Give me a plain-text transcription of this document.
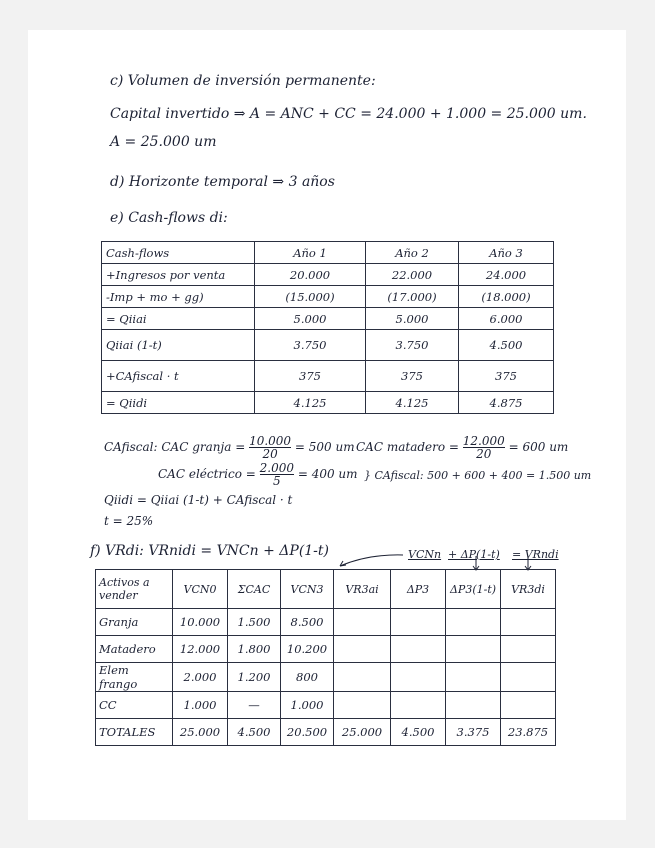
c) Volumen de inversión permanente:
Capital invertido ⇒ A = ANC + CC = 24.000 + 1.000 = 25.000 um.
A = 25.000 um
d) Horizonte temporal ⇒ 3 años
e) Cash-flows di:
Cash-flows	Año 1	Año 2	Año 3
+Ingresos por venta	20.000	22.000	24.000
-Imp + mo + gg)	(15.000)	(17.000)	(18.000)
= Qiiai	5.000	5.000	6.000
Qiiai (1-t)	3.750	3.750	4.500
+CAfiscal · t	375	375	375
= Qiidi	4.125	4.125	4.875
CAfiscal: CAC granja = $\frac{10.000}{20} = 500$ um CAC matadero = $\frac{12.000}{20} = 600$ um
CAC eléctrico = $\frac{2.000}{5} = 400$ um } CAfiscal: 500 + 600 + 400 = 1.500 um
Qiidi = Qiiai (1-t) + CAfiscal · t
t = 25%
f) VRdi: VRnidi = VNCn + ΔP(1-t)	VCNn + ΔP(1-t) = VRndi
Activos a vender	VCN0	ΣCAC	VCN3	VR3ai	ΔP3	ΔP3(1-t)	VR3di
Granja	10.000	1.500	8.500				
Matadero	12.000	1.800	10.200				
Elem frango	2.000	1.200	800				
CC	1.000	—	1.000				
TOTALES	25.000	4.500	20.500	25.000	4.500	3.375	23.875
